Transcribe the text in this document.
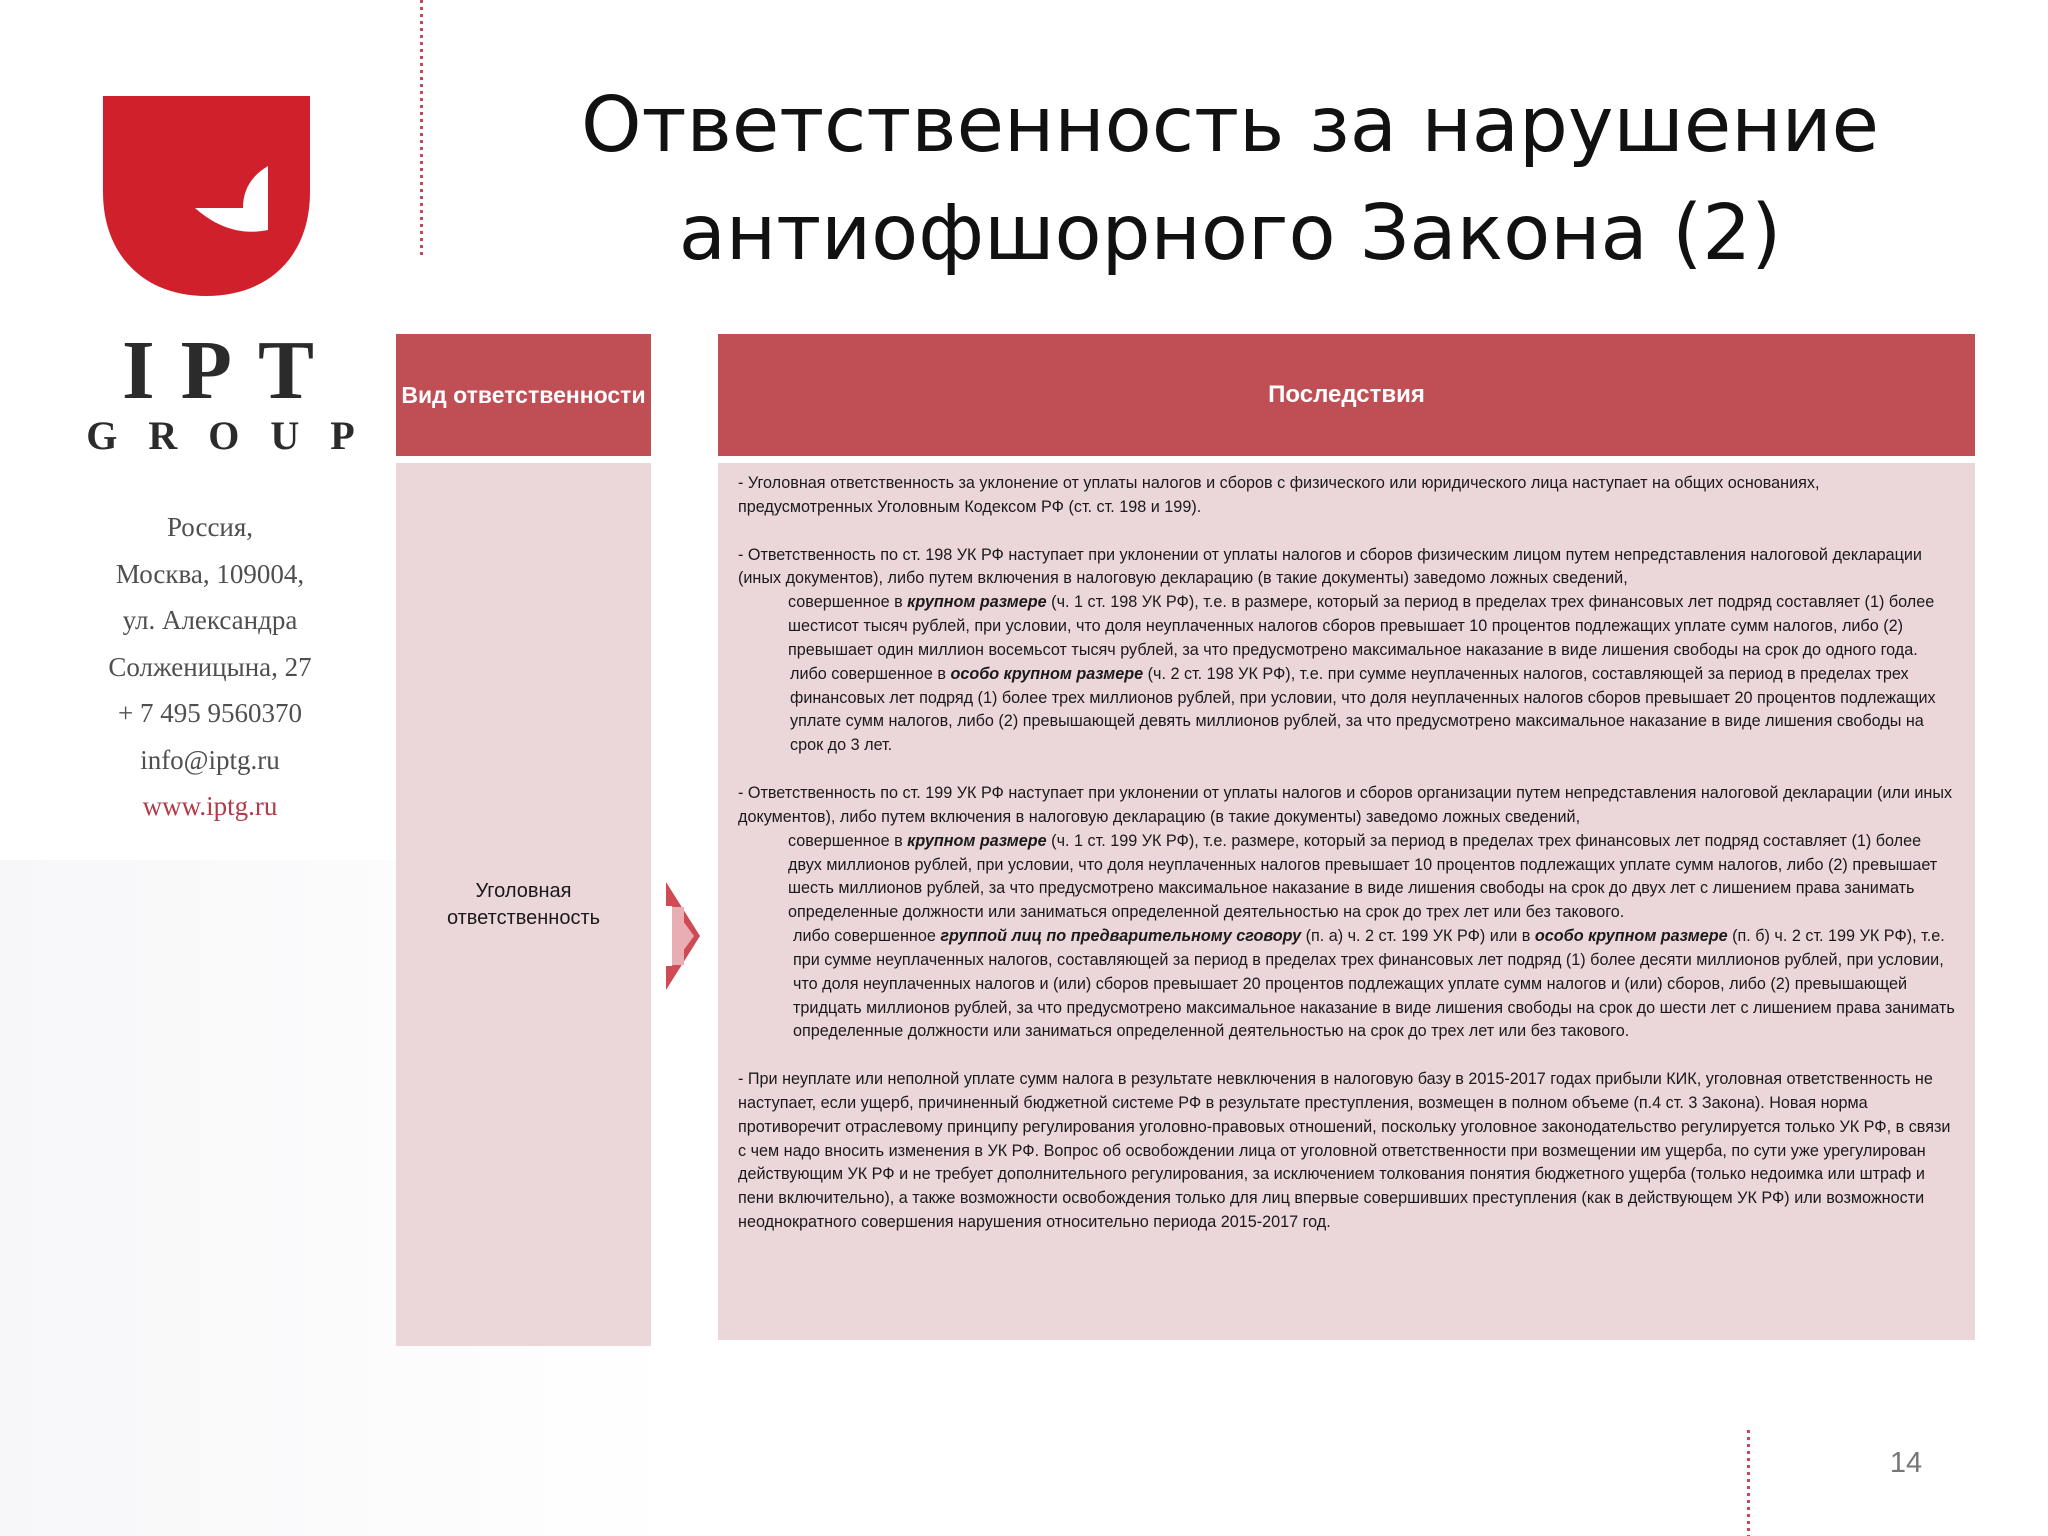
IPT
GROUP
Россия,
Москва, 109004,
ул. Александра
Солженицына, 27
+ 7 495 9560370
info@iptg.ru
www.iptg.ru
Ответственность за нарушение
антиофшорного Закона (2)
Вид ответственности	Последствия
Уголовная ответственность

- Уголовная ответственность за уклонение от уплаты налогов и сборов с физического или юридического лица наступает на общих основаниях, предусмотренных Уголовным Кодексом РФ (ст. ст. 198 и 199).

- Ответственность по ст. 198 УК РФ наступает при уклонении от уплаты налогов и сборов физическим лицом путем непредставления налоговой декларации (иных документов), либо путем включения в налоговую декларацию (в такие документы) заведомо ложных сведений,

совершенное в крупном размере (ч. 1 ст. 198 УК РФ), т.е. в размере, который за период в пределах трех финансовых лет подряд составляет (1) более шестисот тысяч рублей, при условии, что доля неуплаченных налогов сборов превышает 10 процентов подлежащих уплате сумм налогов, либо (2) превышает один миллион восемьсот тысяч рублей, за что предусмотрено максимальное наказание в виде лишения свободы на срок до одного года.

либо совершенное в особо крупном размере (ч. 2 ст. 198 УК РФ), т.е. при сумме неуплаченных налогов, составляющей за период в пределах трех финансовых лет подряд (1) более трех миллионов рублей, при условии, что доля неуплаченных налогов сборов превышает 20 процентов подлежащих уплате сумм налогов, либо (2) превышающей девять миллионов рублей, за что предусмотрено максимальное наказание в виде лишения свободы на срок до 3 лет.

- Ответственность по ст. 199 УК РФ наступает при уклонении от уплаты налогов и сборов организации путем непредставления налоговой декларации (или иных документов), либо путем включения в налоговую декларацию (в такие документы) заведомо ложных сведений,

совершенное в крупном размере (ч. 1 ст. 199 УК РФ), т.е. размере, который за период в пределах трех финансовых лет подряд составляет (1) более двух миллионов рублей, при условии, что доля неуплаченных налогов превышает 10 процентов подлежащих уплате сумм налогов, либо (2) превышает шесть миллионов рублей, за что предусмотрено максимальное наказание в виде лишения свободы на срок до двух лет с лишением права занимать определенные должности или заниматься определенной деятельностью на срок до трех лет или без такового.

либо совершенное группой лиц по предварительному сговору (п. а) ч. 2 ст. 199 УК РФ) или в особо крупном размере (п. б) ч. 2 ст. 199 УК РФ), т.е. при сумме неуплаченных налогов, составляющей за период в пределах трех финансовых лет подряд (1) более десяти миллионов рублей, при условии, что доля неуплаченных налогов и (или) сборов превышает 20 процентов подлежащих уплате сумм налогов и (или) сборов, либо (2) превышающей тридцать миллионов рублей, за что предусмотрено максимальное наказание в виде лишения свободы на срок до шести лет с лишением права занимать определенные должности или заниматься определенной деятельностью на срок до трех лет или без такового.

- При неуплате или неполной уплате сумм налога в результате невключения в налоговую базу в 2015-2017 годах прибыли КИК, уголовная ответственность не наступает, если ущерб, причиненный бюджетной системе РФ в результате преступления, возмещен в полном объеме (п.4 ст. 3 Закона). Новая норма противоречит отраслевому принципу регулирования уголовно-правовых отношений, поскольку уголовное законодательство регулируется только УК РФ, в связи с чем надо вносить изменения в УК РФ. Вопрос об освобождении лица от уголовной ответственности при возмещении им ущерба, по сути уже урегулирован действующим УК РФ и не требует дополнительного регулирования, за исключением толкования понятия бюджетного ущерба (только недоимка или штраф и пени включительно), а также возможности освобождения только для лиц впервые совершивших преступления (как в действующем УК РФ) или возможности неоднократного совершения нарушения относительно периода 2015-2017 год.

14
